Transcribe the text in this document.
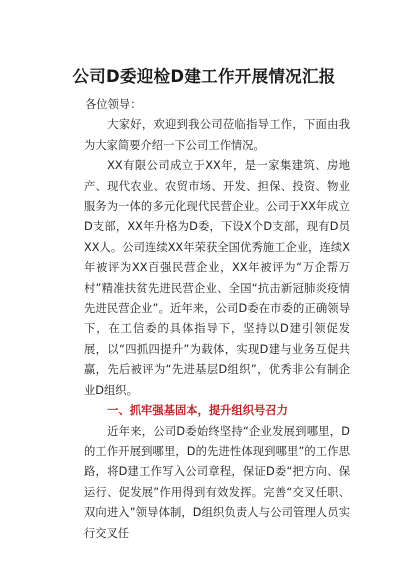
公司D委迎检D建工作开展情况汇报

各位领导：

大家好，欢迎到我公司莅临指导工作，下面由我为大家简要介绍一下公司工作情况。

XX有限公司成立于XX年，是一家集建筑、房地产、现代农业、农贸市场、开发、担保、投资、物业服务为一体的多元化现代民营企业。公司于XX年成立D支部，XX年升格为D委，下设X个D支部，现有D员XX人。公司连续XX年荣获全国优秀施工企业，连续X年被评为XX百强民营企业，XX年被评为“万企帮万村”精准扶贫先进民营企业、全国“抗击新冠肺炎疫情先进民营企业”。近年来，公司D委在市委的正确领导下，在工信委的具体指导下，坚持以D建引领促发展，以“四抓四提升”为载体，实现D建与业务互促共赢，先后被评为“先进基层D组织”，优秀非公有制企业D组织。

一、抓牢强基固本，提升组织号召力

近年来，公司D委始终坚持“企业发展到哪里，D的工作开展到哪里，D的先进性体现到哪里”的工作思路，将D建工作写入公司章程，保证D委“把方向、保运行、促发展”作用得到有效发挥。完善“交叉任职、双向进入”领导体制，D组织负责人与公司管理人员实行交叉任
